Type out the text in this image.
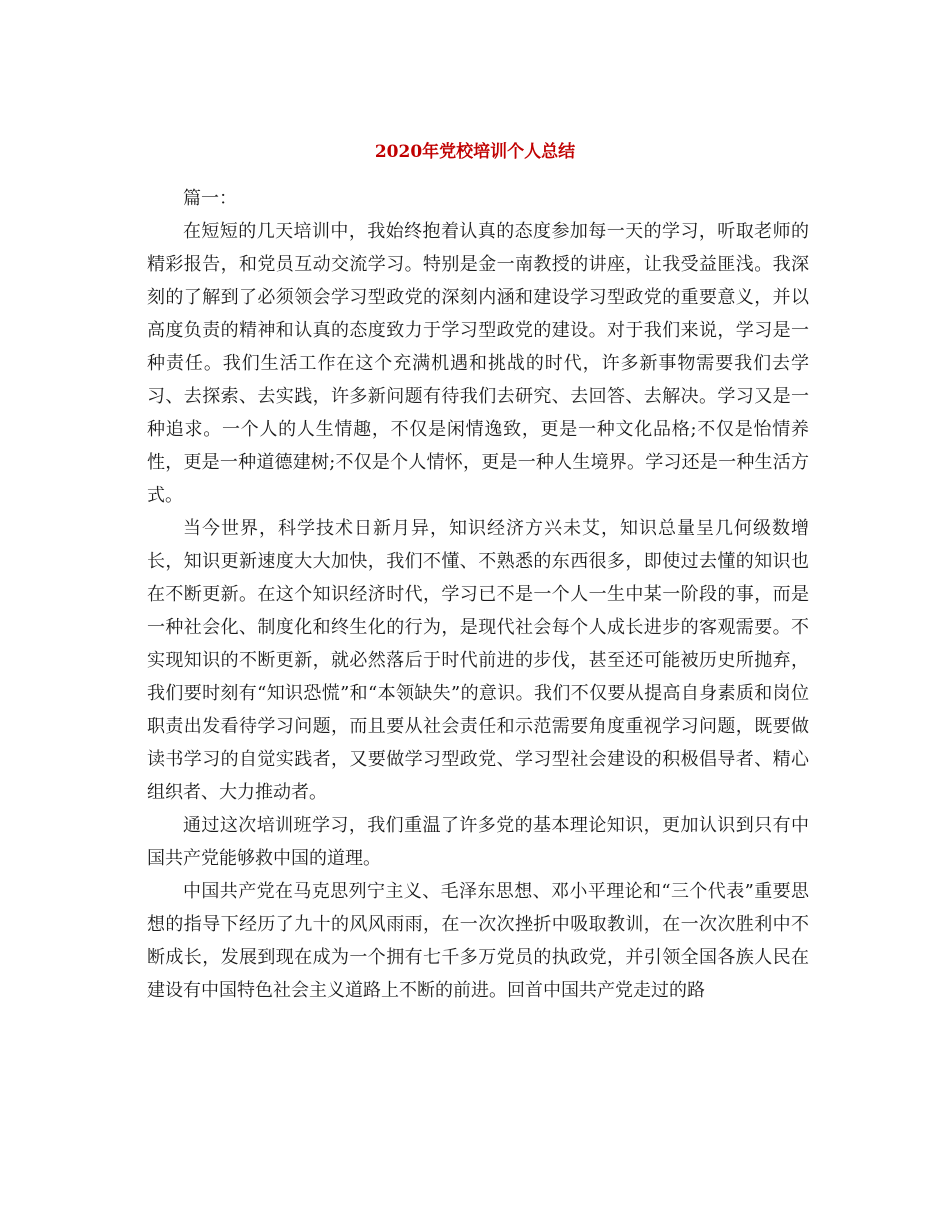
2020年党校培训个人总结

篇一：

在短短的几天培训中，我始终抱着认真的态度参加每一天的学习，听取老师的精彩报告，和党员互动交流学习。特别是金一南教授的讲座，让我受益匪浅。我深刻的了解到了必须领会学习型政党的深刻内涵和建设学习型政党的重要意义，并以高度负责的精神和认真的态度致力于学习型政党的建设。对于我们来说，学习是一种责任。我们生活工作在这个充满机遇和挑战的时代，许多新事物需要我们去学习、去探索、去实践，许多新问题有待我们去研究、去回答、去解决。学习又是一种追求。一个人的人生情趣，不仅是闲情逸致，更是一种文化品格;不仅是怡情养性，更是一种道德建树;不仅是个人情怀，更是一种人生境界。学习还是一种生活方式。

当今世界，科学技术日新月异，知识经济方兴未艾，知识总量呈几何级数增长，知识更新速度大大加快，我们不懂、不熟悉的东西很多，即使过去懂的知识也在不断更新。在这个知识经济时代，学习已不是一个人一生中某一阶段的事，而是一种社会化、制度化和终生化的行为，是现代社会每个人成长进步的客观需要。不实现知识的不断更新，就必然落后于时代前进的步伐，甚至还可能被历史所抛弃，我们要时刻有“知识恐慌”和“本领缺失”的意识。我们不仅要从提高自身素质和岗位职责出发看待学习问题，而且要从社会责任和示范需要角度重视学习问题，既要做读书学习的自觉实践者，又要做学习型政党、学习型社会建设的积极倡导者、精心组织者、大力推动者。

通过这次培训班学习，我们重温了许多党的基本理论知识，更加认识到只有中国共产党能够救中国的道理。

中国共产党在马克思列宁主义、毛泽东思想、邓小平理论和“三个代表”重要思想的指导下经历了九十的风风雨雨，在一次次挫折中吸取教训，在一次次胜利中不断成长，发展到现在成为一个拥有七千多万党员的执政党，并引领全国各族人民在建设有中国特色社会主义道路上不断的前进。回首中国共产党走过的路
